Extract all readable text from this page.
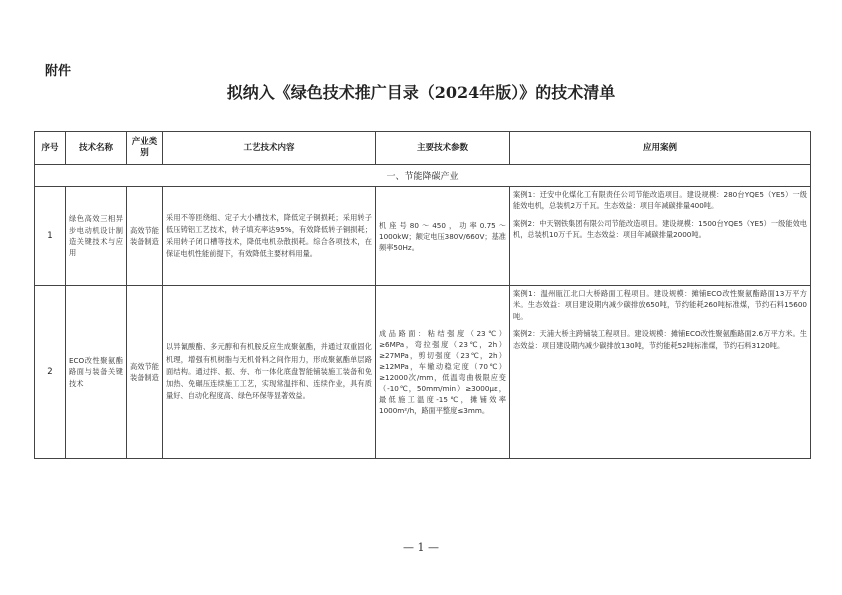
附件
拟纳入《绿色技术推广目录（2024年版）》的技术清单
序号	技术名称	产业类别	工艺技术内容	主要技术参数	应用案例
一、节能降碳产业					
1	绿色高效三相异步电动机设计制造关键技术与应用	高效节能装备制造	采用不等匝绕组、定子大小槽技术，降低定子铜损耗；采用转子低压铸铝工艺技术，转子填充率达95%，有效降低转子铜损耗；采用转子闭口槽等技术，降低电机杂散损耗。综合各项技术，在保证电机性能前提下，有效降低主要材料用量。	机座号80～450，功率0.75～1000kW；额定电压380V/660V；基准频率50Hz。	案例1：迁安中化煤化工有限责任公司节能改造项目。建设规模：280台YQE5（YE5）一级能效电机，总装机2万千瓦。生态效益：项目年减碳排量400吨。

案例2：中天钢铁集团有限公司节能改造项目。建设规模：1500台YQE5（YE5）一级能效电机，总装机10万千瓦。生态效益：项目年减碳排量2000吨。

2	ECO改性聚氨酯路面与装备关键技术	高效节能装备制造	以异氰酸酯、多元醇和有机胺反应生成聚氨酯，并通过双重固化机理，增强有机树脂与无机骨料之间作用力，形成聚氨酯单层路面结构。通过拌、振、夯、布一体化底盘智能铺装施工装备和免加热、免碾压连续施工工艺，实现常温拌和、连续作业，具有质量好、自动化程度高、绿色环保等显著效益。	成品路面：粘结强度（23℃）≥6MPa，弯拉强度（23℃，2h）≥27MPa，剪切强度（23℃，2h）≥12MPa，车辙动稳定度（70℃）≥12000次/mm，低温弯曲极限应变（-10℃，50mm/min）≥3000με，最低施工温度-15℃，摊铺效率1000m²/h，路面平整度≤3mm。	案例1：温州瓯江北口大桥路面工程项目。建设规模：摊铺ECO改性聚氨酯路面13万平方米。生态效益：项目建设期内减少碳排放650吨，节约能耗260吨标准煤，节约石料15600吨。

案例2：天浦大桥主跨铺装工程项目。建设规模：摊铺ECO改性聚氨酯路面2.6万平方米。生态效益：项目建设期内减少碳排放130吨，节约能耗52吨标准煤，节约石料3120吨。

— 1 —
